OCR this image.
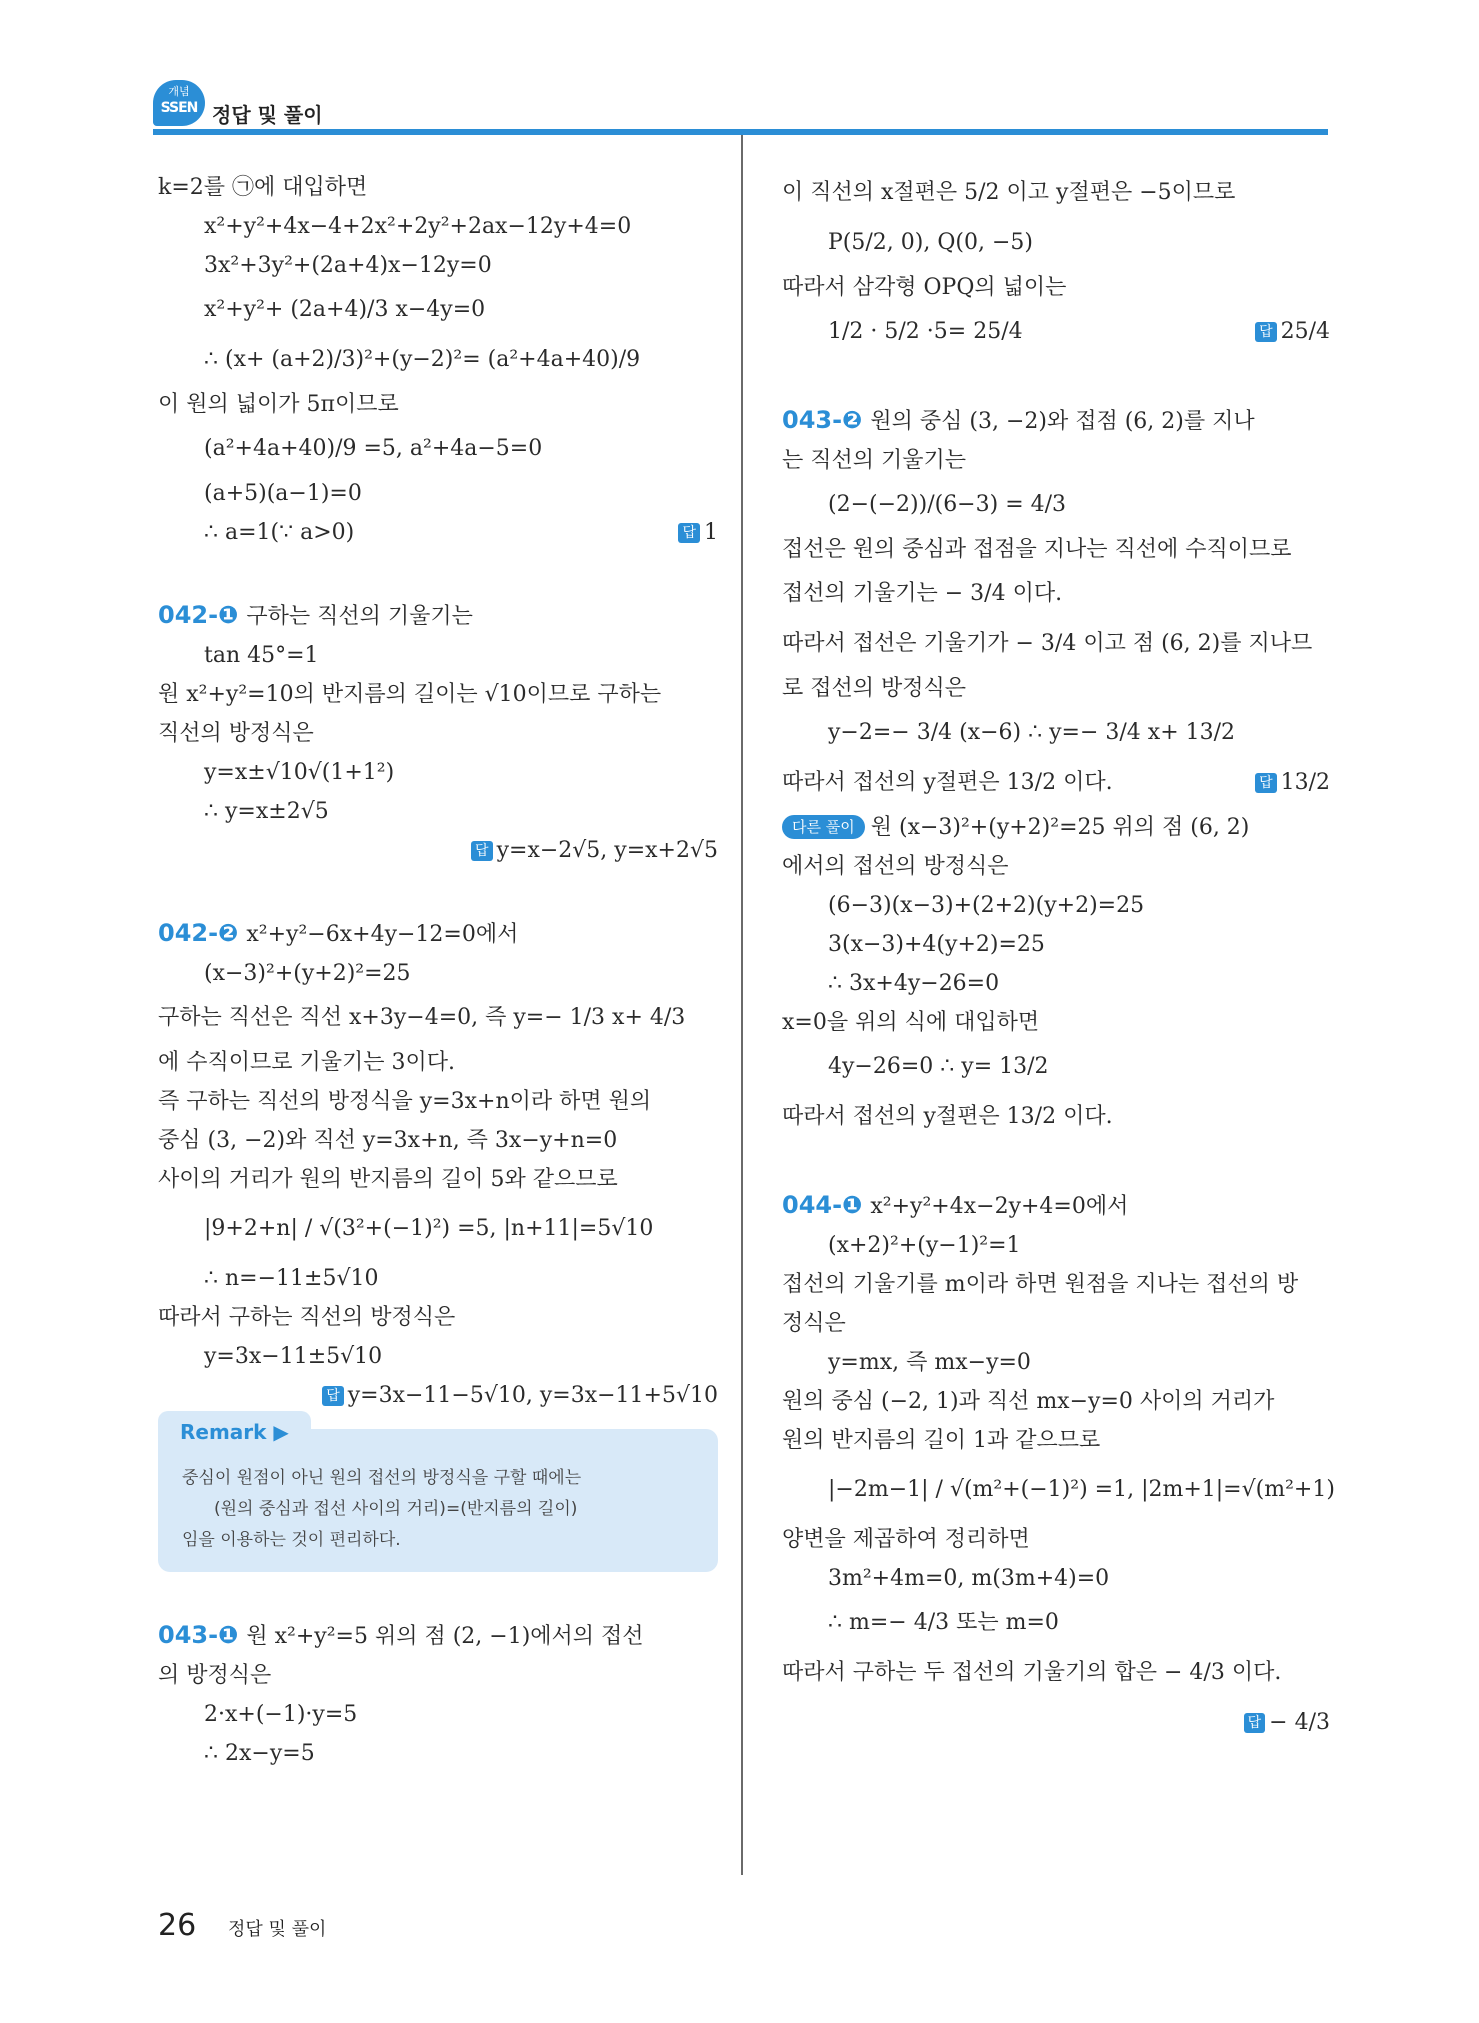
개념
SSEN 정답 및 풀이
k=2를 ㉠에 대입하면
x²+y²+4x−4+2x²+2y²+2ax−12y+4=0
3x²+3y²+(2a+4)x−12y=0
x²+y²+ (2a+4)/3 x−4y=0
∴ (x+ (a+2)/3)²+(y−2)²= (a²+4a+40)/9
이 원의 넓이가 5π이므로
(a²+4a+40)/9 =5, a²+4a−5=0
(a+5)(a−1)=0
∴ a=1(∵ a>0)	답 1
042-❶ 구하는 직선의 기울기는
tan 45°=1
원 x²+y²=10의 반지름의 길이는 √10이므로 구하는
직선의 방정식은
y=x±√10√(1+1²)
∴ y=x±2√5
답 y=x−2√5, y=x+2√5
042-❷ x²+y²−6x+4y−12=0에서
(x−3)²+(y+2)²=25
구하는 직선은 직선 x+3y−4=0, 즉 y=− 1/3 x+ 4/3
에 수직이므로 기울기는 3이다.
즉 구하는 직선의 방정식을 y=3x+n이라 하면 원의
중심 (3, −2)와 직선 y=3x+n, 즉 3x−y+n=0
사이의 거리가 원의 반지름의 길이 5와 같으므로
|9+2+n| / √(3²+(−1)²) =5, |n+11|=5√10
∴ n=−11±5√10
따라서 구하는 직선의 방정식은
y=3x−11±5√10
답 y=3x−11−5√10, y=3x−11+5√10
Remark ▶
중심이 원점이 아닌 원의 접선의 방정식을 구할 때에는
(원의 중심과 접선 사이의 거리)=(반지름의 길이)
임을 이용하는 것이 편리하다.
043-❶ 원 x²+y²=5 위의 점 (2, −1)에서의 접선
의 방정식은
2·x+(−1)·y=5
∴ 2x−y=5
이 직선의 x절편은 5/2 이고 y절편은 −5이므로
P(5/2, 0), Q(0, −5)
따라서 삼각형 OPQ의 넓이는
1/2 · 5/2 ·5= 25/4	답 25/4
043-❷ 원의 중심 (3, −2)와 접점 (6, 2)를 지나
는 직선의 기울기는
(2−(−2))/(6−3) = 4/3
접선은 원의 중심과 접점을 지나는 직선에 수직이므로
접선의 기울기는 − 3/4 이다.
따라서 접선은 기울기가 − 3/4 이고 점 (6, 2)를 지나므
로 접선의 방정식은
y−2=− 3/4 (x−6) ∴ y=− 3/4 x+ 13/2
따라서 접선의 y절편은 13/2 이다.	답 13/2
다른 풀이 원 (x−3)²+(y+2)²=25 위의 점 (6, 2)
에서의 접선의 방정식은
(6−3)(x−3)+(2+2)(y+2)=25
3(x−3)+4(y+2)=25
∴ 3x+4y−26=0
x=0을 위의 식에 대입하면
4y−26=0 ∴ y= 13/2
따라서 접선의 y절편은 13/2 이다.
044-❶ x²+y²+4x−2y+4=0에서
(x+2)²+(y−1)²=1
접선의 기울기를 m이라 하면 원점을 지나는 접선의 방
정식은
y=mx, 즉 mx−y=0
원의 중심 (−2, 1)과 직선 mx−y=0 사이의 거리가
원의 반지름의 길이 1과 같으므로
|−2m−1| / √(m²+(−1)²) =1, |2m+1|=√(m²+1)
양변을 제곱하여 정리하면
3m²+4m=0, m(3m+4)=0
∴ m=− 4/3 또는 m=0
따라서 구하는 두 접선의 기울기의 합은 − 4/3 이다.
답 − 4/3
26 정답 및 풀이
